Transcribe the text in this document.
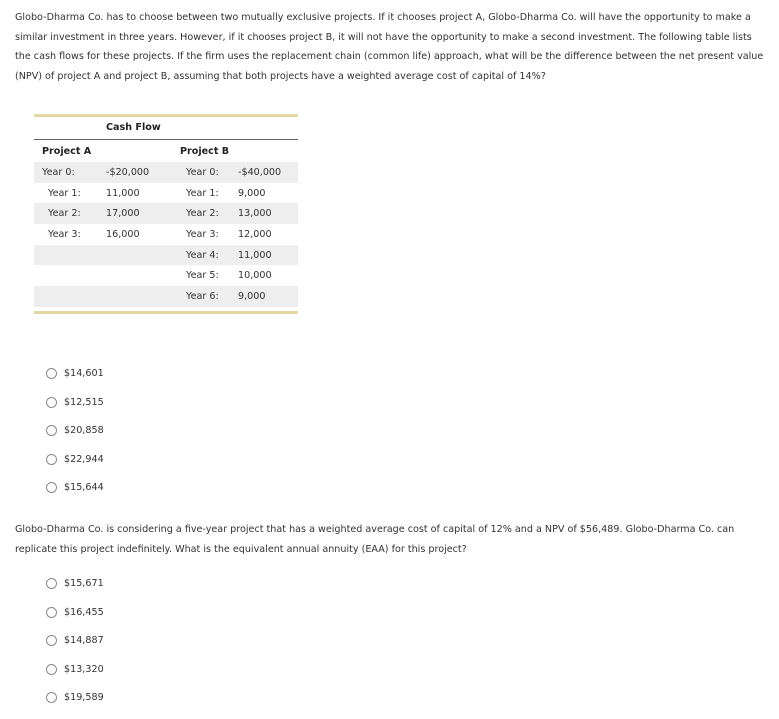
Globo-Dharma Co. has to choose between two mutually exclusive projects. If it chooses project A, Globo-Dharma Co. will have the opportunity to make a similar investment in three years. However, if it chooses project B, it will not have the opportunity to make a second investment. The following table lists the cash flows for these projects. If the firm uses the replacement chain (common life) approach, what will be the difference between the net present value (NPV) of project A and project B, assuming that both projects have a weighted average cost of capital of 14%?

Cash Flow
Project A		Project B	
Year 0:	-$20,000	Year 0:	-$40,000
Year 1:	11,000	Year 1:	9,000
Year 2:	17,000	Year 2:	13,000
Year 3:	16,000	Year 3:	12,000
		Year 4:	11,000
		Year 5:	10,000
		Year 6:	9,000
$14,601
$12,515
$20,858
$22,944
$15,644

Globo-Dharma Co. is considering a five-year project that has a weighted average cost of capital of 12% and a NPV of $56,489. Globo-Dharma Co. can replicate this project indefinitely. What is the equivalent annual annuity (EAA) for this project?

$15,671
$16,455
$14,887
$13,320
$19,589
